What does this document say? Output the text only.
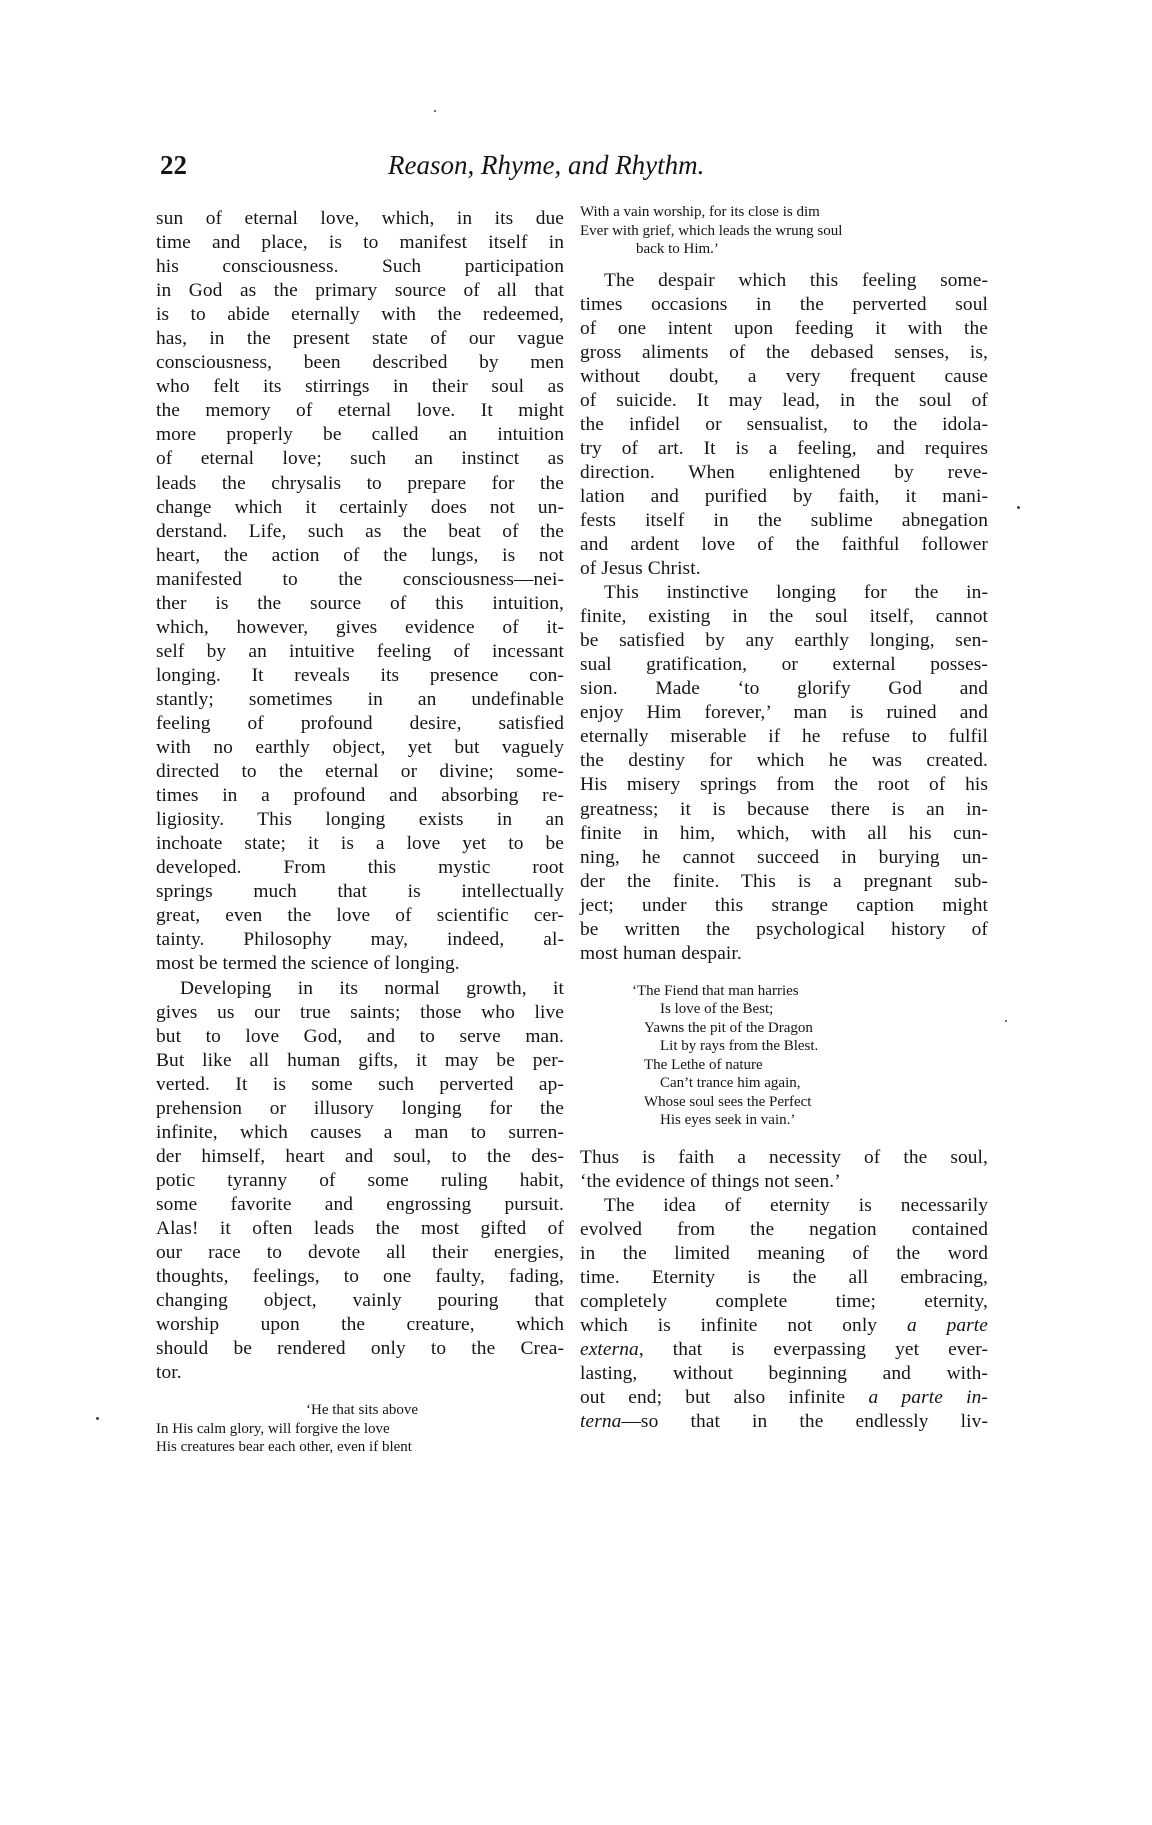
22	Reason, Rhyme, and Rhythm.
sun of eternal love, which, in its due
time and place, is to manifest itself in
his consciousness. Such participation
in God as the primary source of all that
is to abide eternally with the redeemed,
has, in the present state of our vague
consciousness, been described by men
who felt its stirrings in their soul as
the memory of eternal love. It might
more properly be called an intuition
of eternal love; such an instinct as
leads the chrysalis to prepare for the
change which it certainly does not un-
derstand. Life, such as the beat of the
heart, the action of the lungs, is not
manifested to the consciousness—nei-
ther is the source of this intuition,
which, however, gives evidence of it-
self by an intuitive feeling of incessant
longing. It reveals its presence con-
stantly; sometimes in an undefinable
feeling of profound desire, satisfied
with no earthly object, yet but vaguely
directed to the eternal or divine; some-
times in a profound and absorbing re-
ligiosity. This longing exists in an
inchoate state; it is a love yet to be
developed. From this mystic root
springs much that is intellectually
great, even the love of scientific cer-
tainty. Philosophy may, indeed, al-
most be termed the science of longing.
Developing in its normal growth, it
gives us our true saints; those who live
but to love God, and to serve man.
But like all human gifts, it may be per-
verted. It is some such perverted ap-
prehension or illusory longing for the
infinite, which causes a man to surren-
der himself, heart and soul, to the des-
potic tyranny of some ruling habit,
some favorite and engrossing pursuit.
Alas! it often leads the most gifted of
our race to devote all their energies,
thoughts, feelings, to one faulty, fading,
changing object, vainly pouring that
worship upon the creature, which
should be rendered only to the Crea-
tor.
‘He that sits above
In His calm glory, will forgive the love
His creatures bear each other, even if blent
With a vain worship, for its close is dim
Ever with grief, which leads the wrung soul
back to Him.’
The despair which this feeling some-
times occasions in the perverted soul
of one intent upon feeding it with the
gross aliments of the debased senses, is,
without doubt, a very frequent cause
of suicide. It may lead, in the soul of
the infidel or sensualist, to the idola-
try of art. It is a feeling, and requires
direction. When enlightened by reve-
lation and purified by faith, it mani-
fests itself in the sublime abnegation
and ardent love of the faithful follower
of Jesus Christ.
This instinctive longing for the in-
finite, existing in the soul itself, cannot
be satisfied by any earthly longing, sen-
sual gratification, or external posses-
sion. Made ‘to glorify God and
enjoy Him forever,’ man is ruined and
eternally miserable if he refuse to fulfil
the destiny for which he was created.
His misery springs from the root of his
greatness; it is because there is an in-
finite in him, which, with all his cun-
ning, he cannot succeed in burying un-
der the finite. This is a pregnant sub-
ject; under this strange caption might
be written the psychological history of
most human despair.
‘The Fiend that man harries
Is love of the Best;
Yawns the pit of the Dragon
Lit by rays from the Blest.
The Lethe of nature
Can’t trance him again,
Whose soul sees the Perfect
His eyes seek in vain.’
Thus is faith a necessity of the soul,
‘the evidence of things not seen.’
The idea of eternity is necessarily
evolved from the negation contained
in the limited meaning of the word
time. Eternity is the all embracing,
completely complete time; eternity,
which is infinite not only a parte
externa, that is everpassing yet ever-
lasting, without beginning and with-
out end; but also infinite a parte in-
terna—so that in the endlessly liv-
